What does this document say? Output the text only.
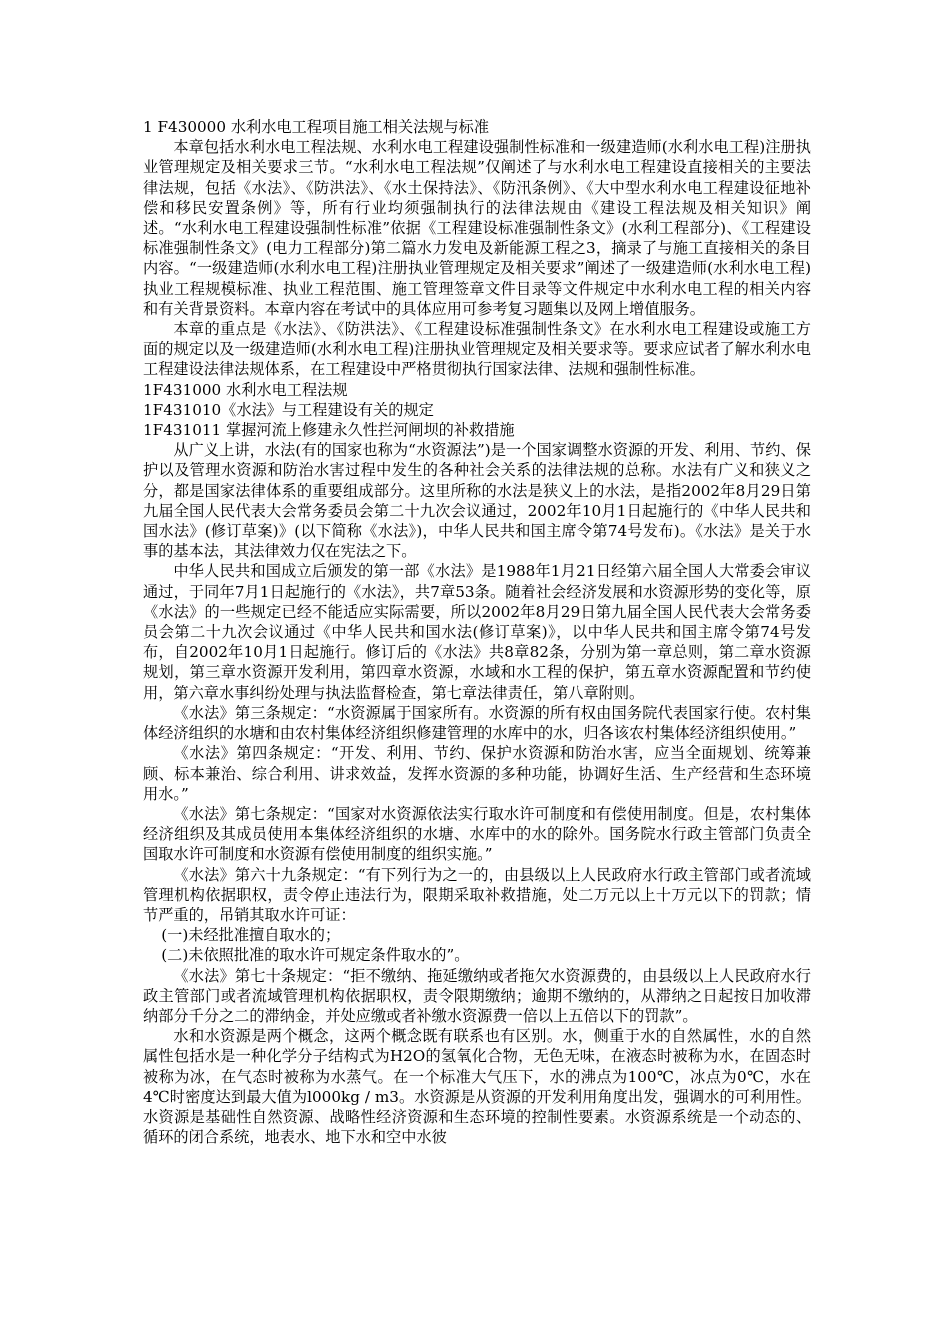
1 F430000 水利水电工程项目施工相关法规与标准

本章包括水利水电工程法规、水利水电工程建设强制性标准和一级建造师(水利水电工程)注册执业管理规定及相关要求三节。“水利水电工程法规”仅阐述了与水利水电工程建设直接相关的主要法律法规，包括《水法》、《防洪法》、《水土保持法》、《防汛条例》、《大中型水利水电工程建设征地补偿和移民安置条例》等，所有行业均须强制执行的法律法规由《建设工程法规及相关知识》阐述。“水利水电工程建设强制性标准”依据《工程建设标准强制性条文》(水利工程部分)、《工程建设标准强制性条文》(电力工程部分)第二篇水力发电及新能源工程之3，摘录了与施工直接相关的条目内容。“一级建造师(水利水电工程)注册执业管理规定及相关要求”阐述了一级建造师(水利水电工程)执业工程规模标准、执业工程范围、施工管理签章文件目录等文件规定中水利水电工程的相关内容和有关背景资料。本章内容在考试中的具体应用可参考复习题集以及网上增值服务。

本章的重点是《水法》、《防洪法》、《工程建设标准强制性条文》在水利水电工程建设或施工方面的规定以及一级建造师(水利水电工程)注册执业管理规定及相关要求等。要求应试者了解水利水电工程建设法律法规体系，在工程建设中严格贯彻执行国家法律、法规和强制性标准。

1F431000 水利水电工程法规

1F431010《水法》与工程建设有关的规定

1F431011 掌握河流上修建永久性拦河闸坝的补救措施

从广义上讲，水法(有的国家也称为“水资源法”)是一个国家调整水资源的开发、利用、节约、保护以及管理水资源和防治水害过程中发生的各种社会关系的法律法规的总称。水法有广义和狭义之分，都是国家法律体系的重要组成部分。这里所称的水法是狭义上的水法，是指2002年8月29日第九届全国人民代表大会常务委员会第二十九次会议通过，2002年10月1日起施行的《中华人民共和国水法》(修订草案)》(以下简称《水法》)，中华人民共和国主席令第74号发布)。《水法》是关于水事的基本法，其法律效力仅在宪法之下。

中华人民共和国成立后颁发的第一部《水法》是1988年1月21日经第六届全国人大常委会审议通过，于同年7月1日起施行的《水法》，共7章53条。随着社会经济发展和水资源形势的变化等，原《水法》的一些规定已经不能适应实际需要，所以2002年8月29日第九届全国人民代表大会常务委员会第二十九次会议通过《中华人民共和国水法(修订草案)》，以中华人民共和国主席令第74号发布，自2002年10月1日起施行。修订后的《水法》共8章82条，分别为第一章总则，第二章水资源规划，第三章水资源开发利用，第四章水资源，水域和水工程的保护，第五章水资源配置和节约使用，第六章水事纠纷处理与执法监督检查，第七章法律责任，第八章附则。

《水法》第三条规定：“水资源属于国家所有。水资源的所有权由国务院代表国家行使。农村集体经济组织的水塘和由农村集体经济组织修建管理的水库中的水，归各该农村集体经济组织使用。”

《水法》第四条规定：“开发、利用、节约、保护水资源和防治水害，应当全面规划、统筹兼顾、标本兼治、综合利用、讲求效益，发挥水资源的多种功能，协调好生活、生产经营和生态环境用水。”

《水法》第七条规定：“国家对水资源依法实行取水许可制度和有偿使用制度。但是，农村集体经济组织及其成员使用本集体经济组织的水塘、水库中的水的除外。国务院水行政主管部门负责全国取水许可制度和水资源有偿使用制度的组织实施。”

《水法》第六十九条规定：“有下列行为之一的，由县级以上人民政府水行政主管部门或者流域管理机构依据职权，责令停止违法行为，限期采取补救措施，处二万元以上十万元以下的罚款；情节严重的，吊销其取水许可证：

(一)未经批准擅自取水的；

(二)未依照批准的取水许可规定条件取水的”。

《水法》第七十条规定：“拒不缴纳、拖延缴纳或者拖欠水资源费的，由县级以上人民政府水行政主管部门或者流域管理机构依据职权，责令限期缴纳；逾期不缴纳的，从滞纳之日起按日加收滞纳部分千分之二的滞纳金，并处应缴或者补缴水资源费一倍以上五倍以下的罚款”。

水和水资源是两个概念，这两个概念既有联系也有区别。水，侧重于水的自然属性，水的自然属性包括水是一种化学分子结构式为H2O的氢氧化合物，无色无味，在液态时被称为水，在固态时被称为冰，在气态时被称为水蒸气。在一个标准大气压下，水的沸点为100℃，冰点为0℃，水在4℃时密度达到最大值为l000kg / m3。水资源是从资源的开发利用角度出发，强调水的可利用性。水资源是基础性自然资源、战略性经济资源和生态环境的控制性要素。水资源系统是一个动态的、循环的闭合系统，地表水、地下水和空中水彼
